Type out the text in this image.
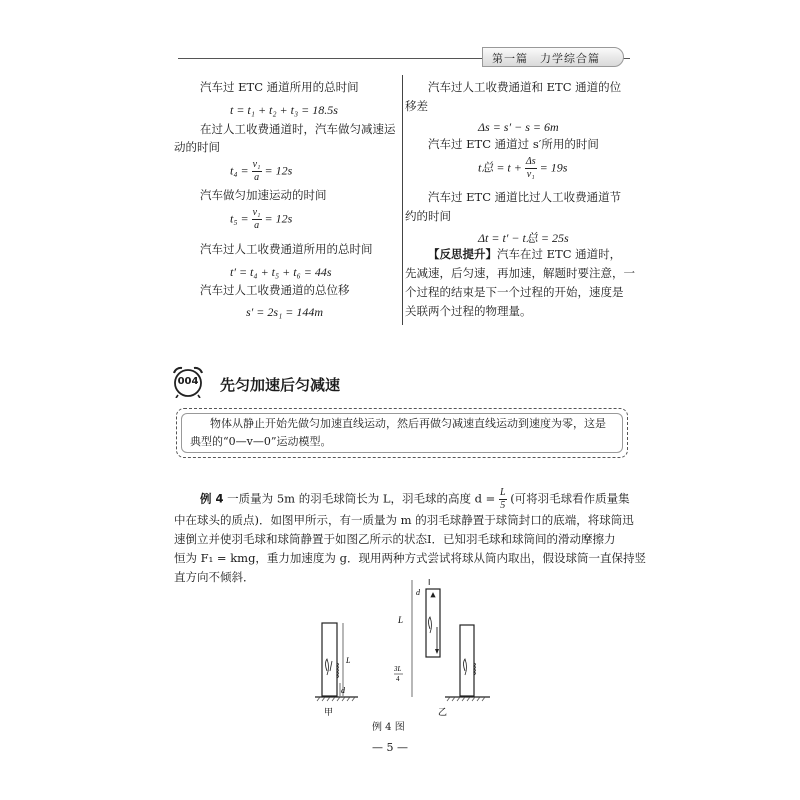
第一篇　力学综合篇
汽车过 ETC 通道所用的总时间
t = t₁ + t₂ + t₃ = 18.5s
在过人工收费通道时，汽车做匀减速运
动的时间
$t_4 = \frac{\text{v₁}}{a} = 12s$
汽车做匀加速运动的时间
$t_5 = \frac{\text{v₁}}{a} = 12s$
汽车过人工收费通道所用的总时间
t′ = t₄ + t₅ + t₆ = 44s
汽车过人工收费通道的总位移
s′ = 2s₁ = 144m
汽车过人工收费通道和 ETC 通道的位
移差
Δs = s′ − s = 6m
汽车过 ETC 通道过 s′所用的时间
t总 = $t + \frac{\Delta s}{\text{v₁}} = 19s$
汽车过 ETC 通道比过人工收费通道节
约的时间
Δt = t′ − t总 = 25s
【反思提升】汽车在过 ETC 通道时，
先减速，后匀速，再加速，解题时要注意，一
个过程的结束是下一个过程的开始，速度是
关联两个过程的物理量。
004 先匀加速后匀减速
物体从静止开始先做匀加速直线运动，然后再做匀减速直线运动到速度为零，这是
典型的“0—v—0”运动模型。
例 4 一质量为 5m 的羽毛球筒长为 L，羽毛球的高度 $d = \frac{L}{5}$ (可将羽毛球看作质量集
中在球头的质点)．如图甲所示，有一质量为 m 的羽毛球静置于球筒封口的底端，将球筒迅
速倒立并使羽毛球和球筒静置于如图乙所示的状态Ⅰ．已知羽毛球和球筒间的滑动摩擦力
恒为 F₁ = kmg，重力加速度为 g．现用两种方式尝试将球从筒内取出，假设球筒一直保持竖
直方向不倾斜．
L
d
L
d
Ⅰ
3L
4
甲	乙
例 4 图
— 5 —
